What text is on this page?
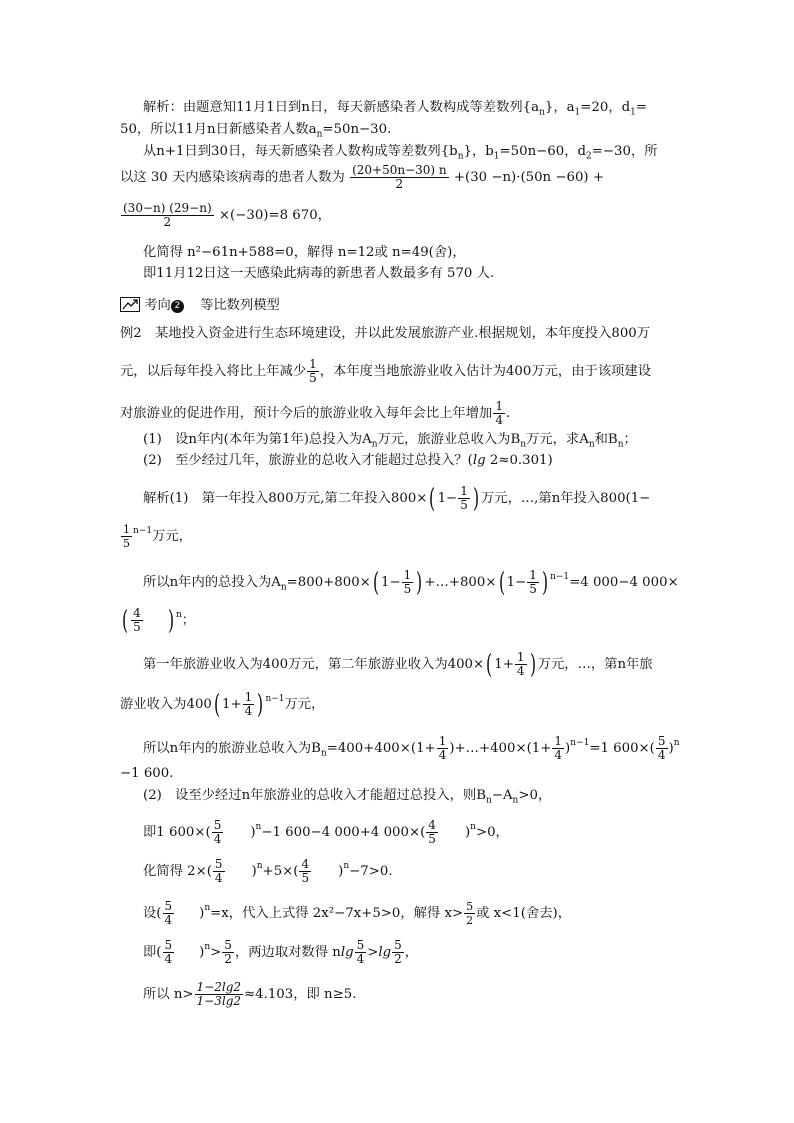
解析：由题意知11月1日到n日，每天新感染者人数构成等差数列$\{a_n\}$，$a_1=20$，$d_1=$
50，所以11月n日新感染者人数$a_n=50n-30$.
从n+1日到30日，每天新感染者人数构成等差数列$\{b_n\}$，$b_1=50n-60$，$d_2=-30$，所
以这 30 天内感染该病毒的患者人数为 $\frac{(20+50n-30) n}{2} +(30 -n)\cdot(50n -60)$ +
$\frac{(30-n) (29-n)}{2} \times(-30)=8$ 670，
化简得 n²−61n+588=0，解得 n=12或 n=49(舍)，
即11月12日这一天感染此病毒的新患者人数最多有 570 人.
考向 2 等比数列模型
例2　某地投入资金进行生态环境建设，并以此发展旅游产业.根据规划，本年度投入800万
元，以后每年投入将比上年减少 $\frac{1}{5}$ ，本年度当地旅游业收入估计为400万元，由于该项建设
对旅游业的促进作用，预计今后的旅游业收入每年会比上年增加 $\frac{1}{4}$ .
(1)　设n年内(本年为第1年)总投入为$A_n$万元，旅游业总收入为$B_n$万元，求$A_n$和$B_n$；
(2)　至少经过几年，旅游业的总收入才能超过总投入？(lg 2≈0.301)
解析(1)　第一年投入800万元,第二年投入800×( $1- \frac{1}{5}$ ) 万元，…,第n年投入800(1−
$\frac{1}{5} ^{n-1}$万元，
所以n年内的总投入为$A_n=800+800\times$( $1- \frac{1}{5}$ ) +…+800×( $1- \frac{1}{5}$ ) $^{n-1}$=4 000−4 000×
( $\frac{4}{5}$ ) $^n$；
第一年旅游业收入为400万元，第二年旅游业收入为400×( $1+ \frac{1}{4}$ ) 万元，…，第n年旅
游业收入为400( $1+ \frac{1}{4}$ ) $^{n-1}$万元，
所以n年内的旅游业总收入为$B_n=400+400\times(1+ \frac{1}{4}$ )+…+400×(1+ $\frac{1}{4} )^{n-1}=1$ $600\times( \frac{5}{4} )^n$
−1 600.
(2)　设至少经过n年旅游业的总收入才能超过总投入，则$B_n-A_n>0$，
即1 $600\times( \frac{5}{4} )^n-1$ 600−4 000+4 $000\times( \frac{4}{5} )^n>0$，
化简得 $2\times( \frac{5}{4} )^n+5\times( \frac{4}{5} )^n-7>0$.
设( $\frac{5}{4} )^n=x$，代入上式得 2x²−7x+5>0，解得 $x> \frac{5}{2}$ 或 x<1(舍去)，
即( $\frac{5}{4} )^n> \frac{5}{2}$ ，两边取对数得 nlg $\frac{5}{4} >\lg \frac{5}{2}$ ，
所以 $n> \frac{1-2\lg 2}{1-3\lg 2} \approx 4.103$，即 n≥5.
